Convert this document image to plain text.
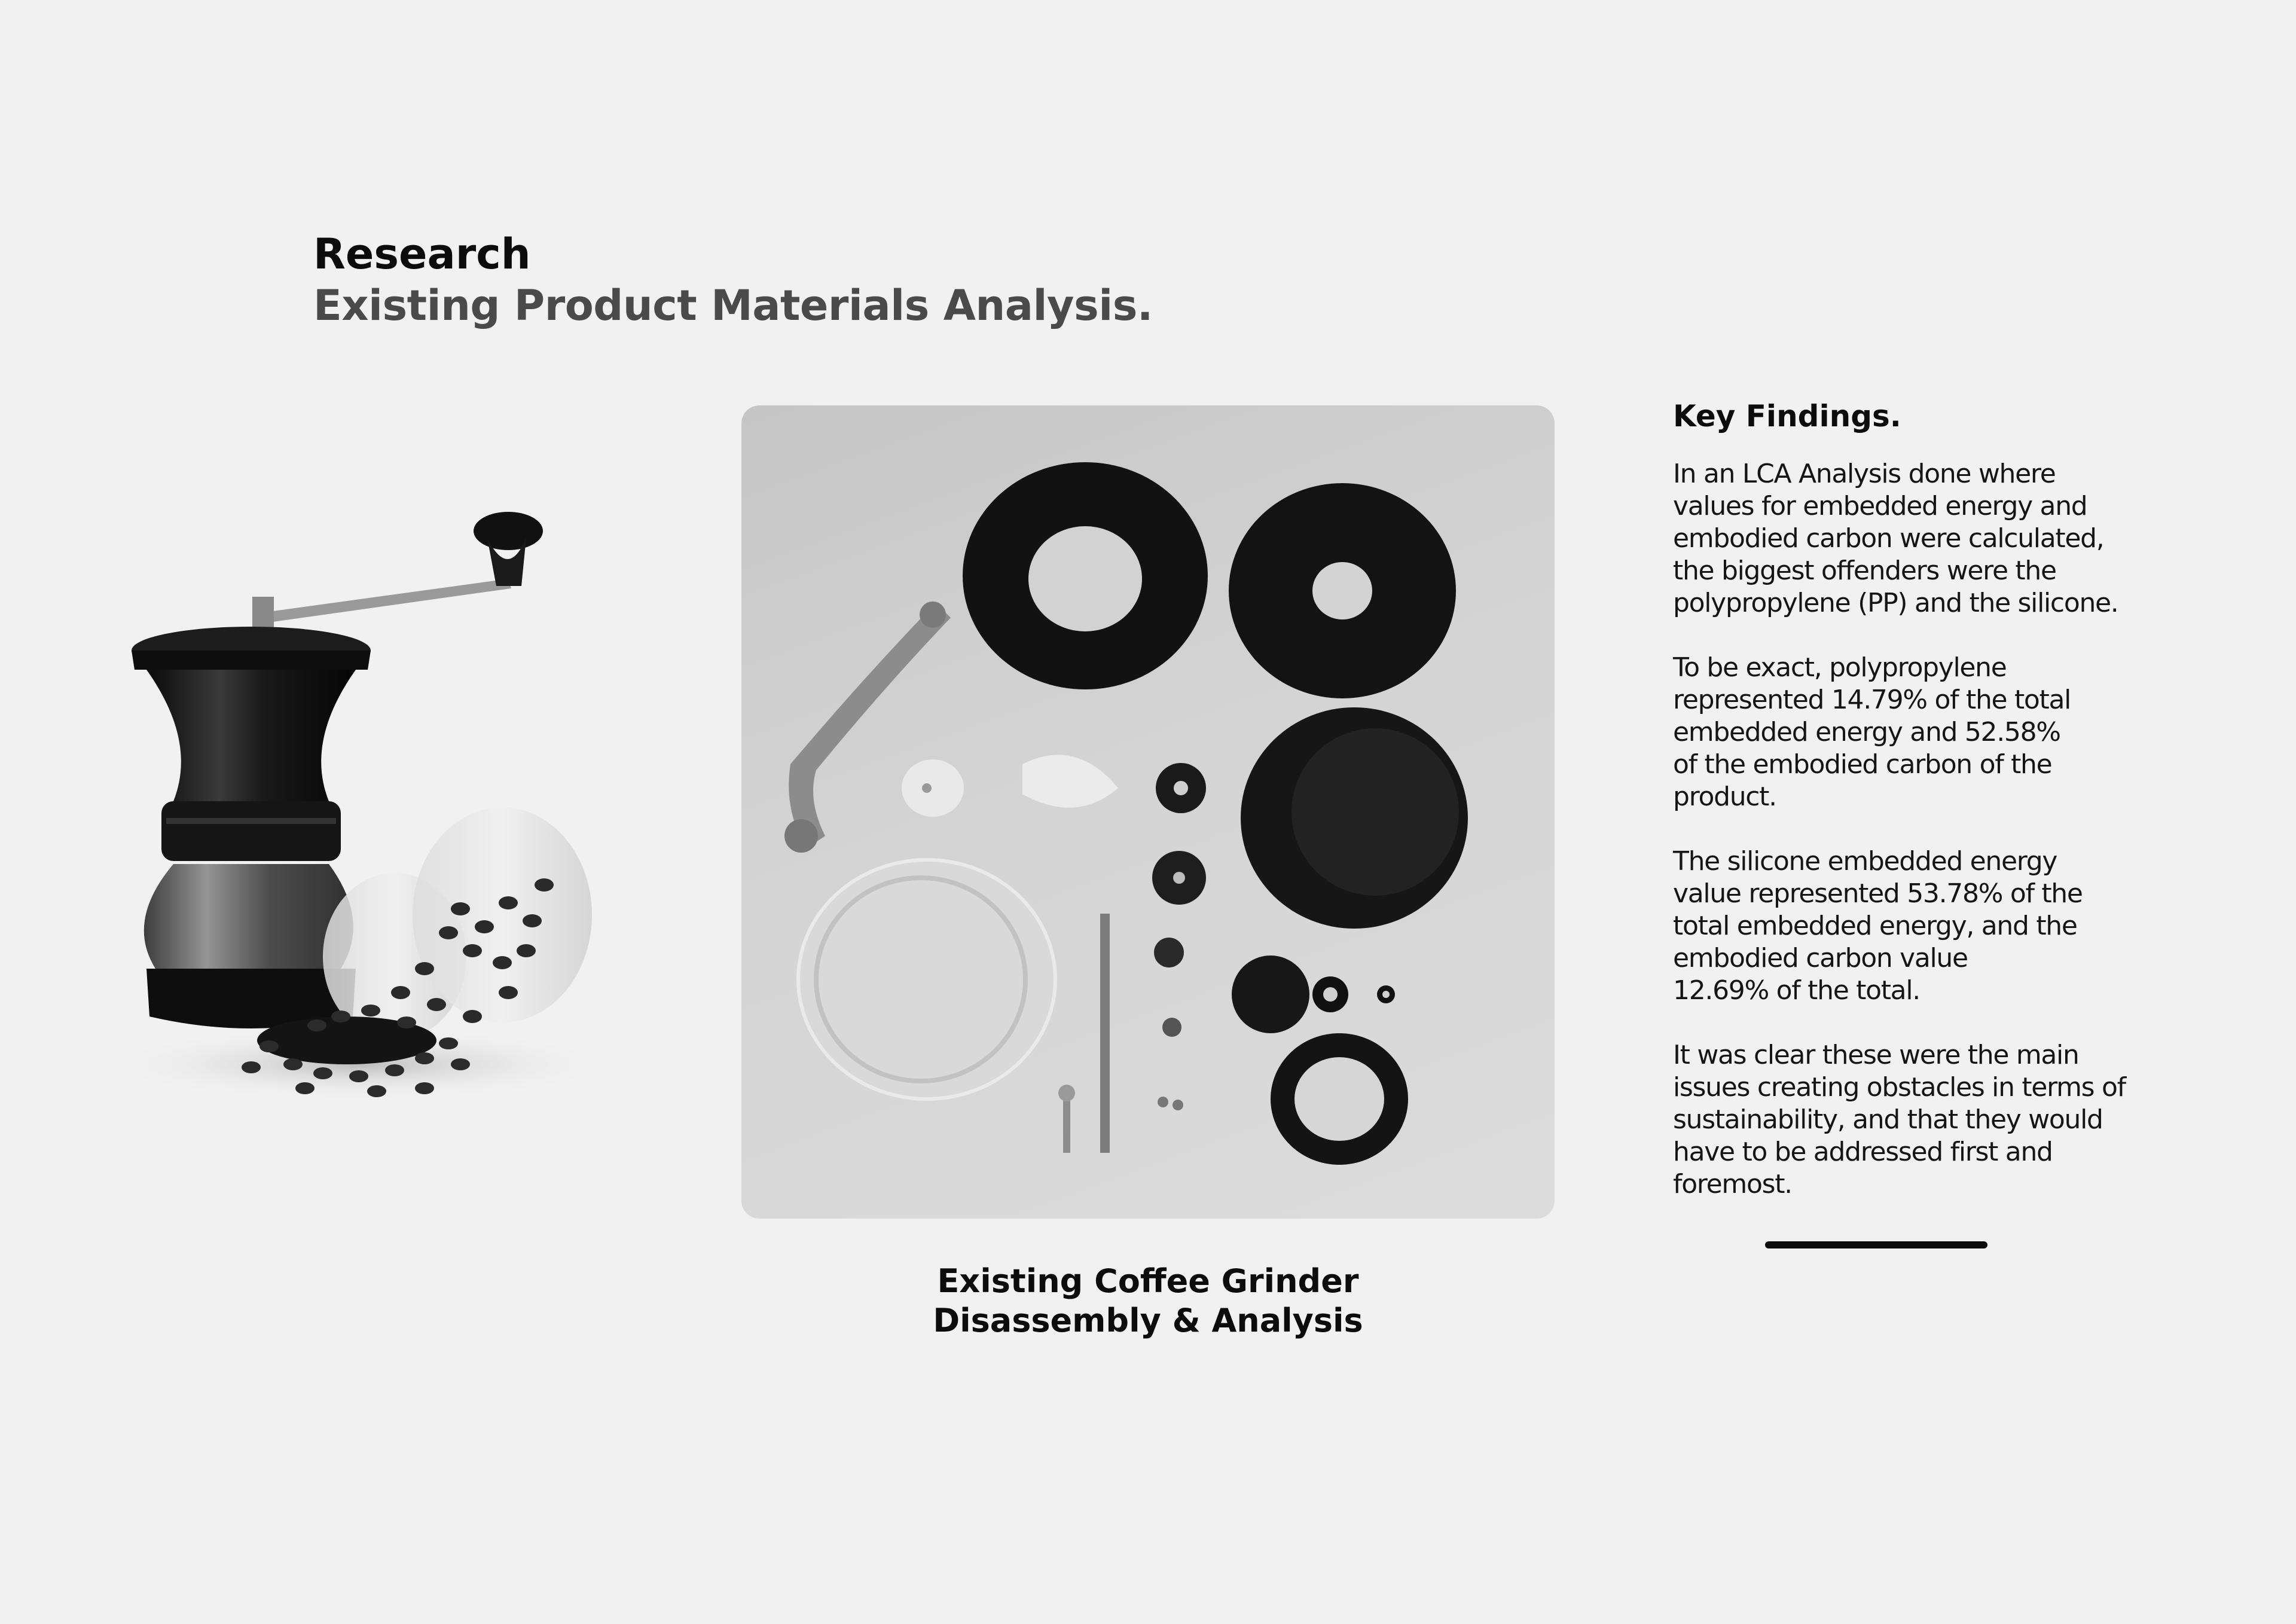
Research
Existing Product Materials Analysis.
Existing Coffee Grinder
Disassembly & Analysis
Key Findings.

In an LCA Analysis done where
values for embedded energy and
embodied carbon were calculated,
the biggest offenders were the
polypropylene (PP) and the silicone.

To be exact, polypropylene
represented 14.79% of the total
embedded energy and 52.58%
of the embodied carbon of the
product.

The silicone embedded energy
value represented 53.78% of the
total embedded energy, and the
embodied carbon value
12.69% of the total.

It was clear these were the main
issues creating obstacles in terms of
sustainability, and that they would
have to be addressed first and
foremost.
